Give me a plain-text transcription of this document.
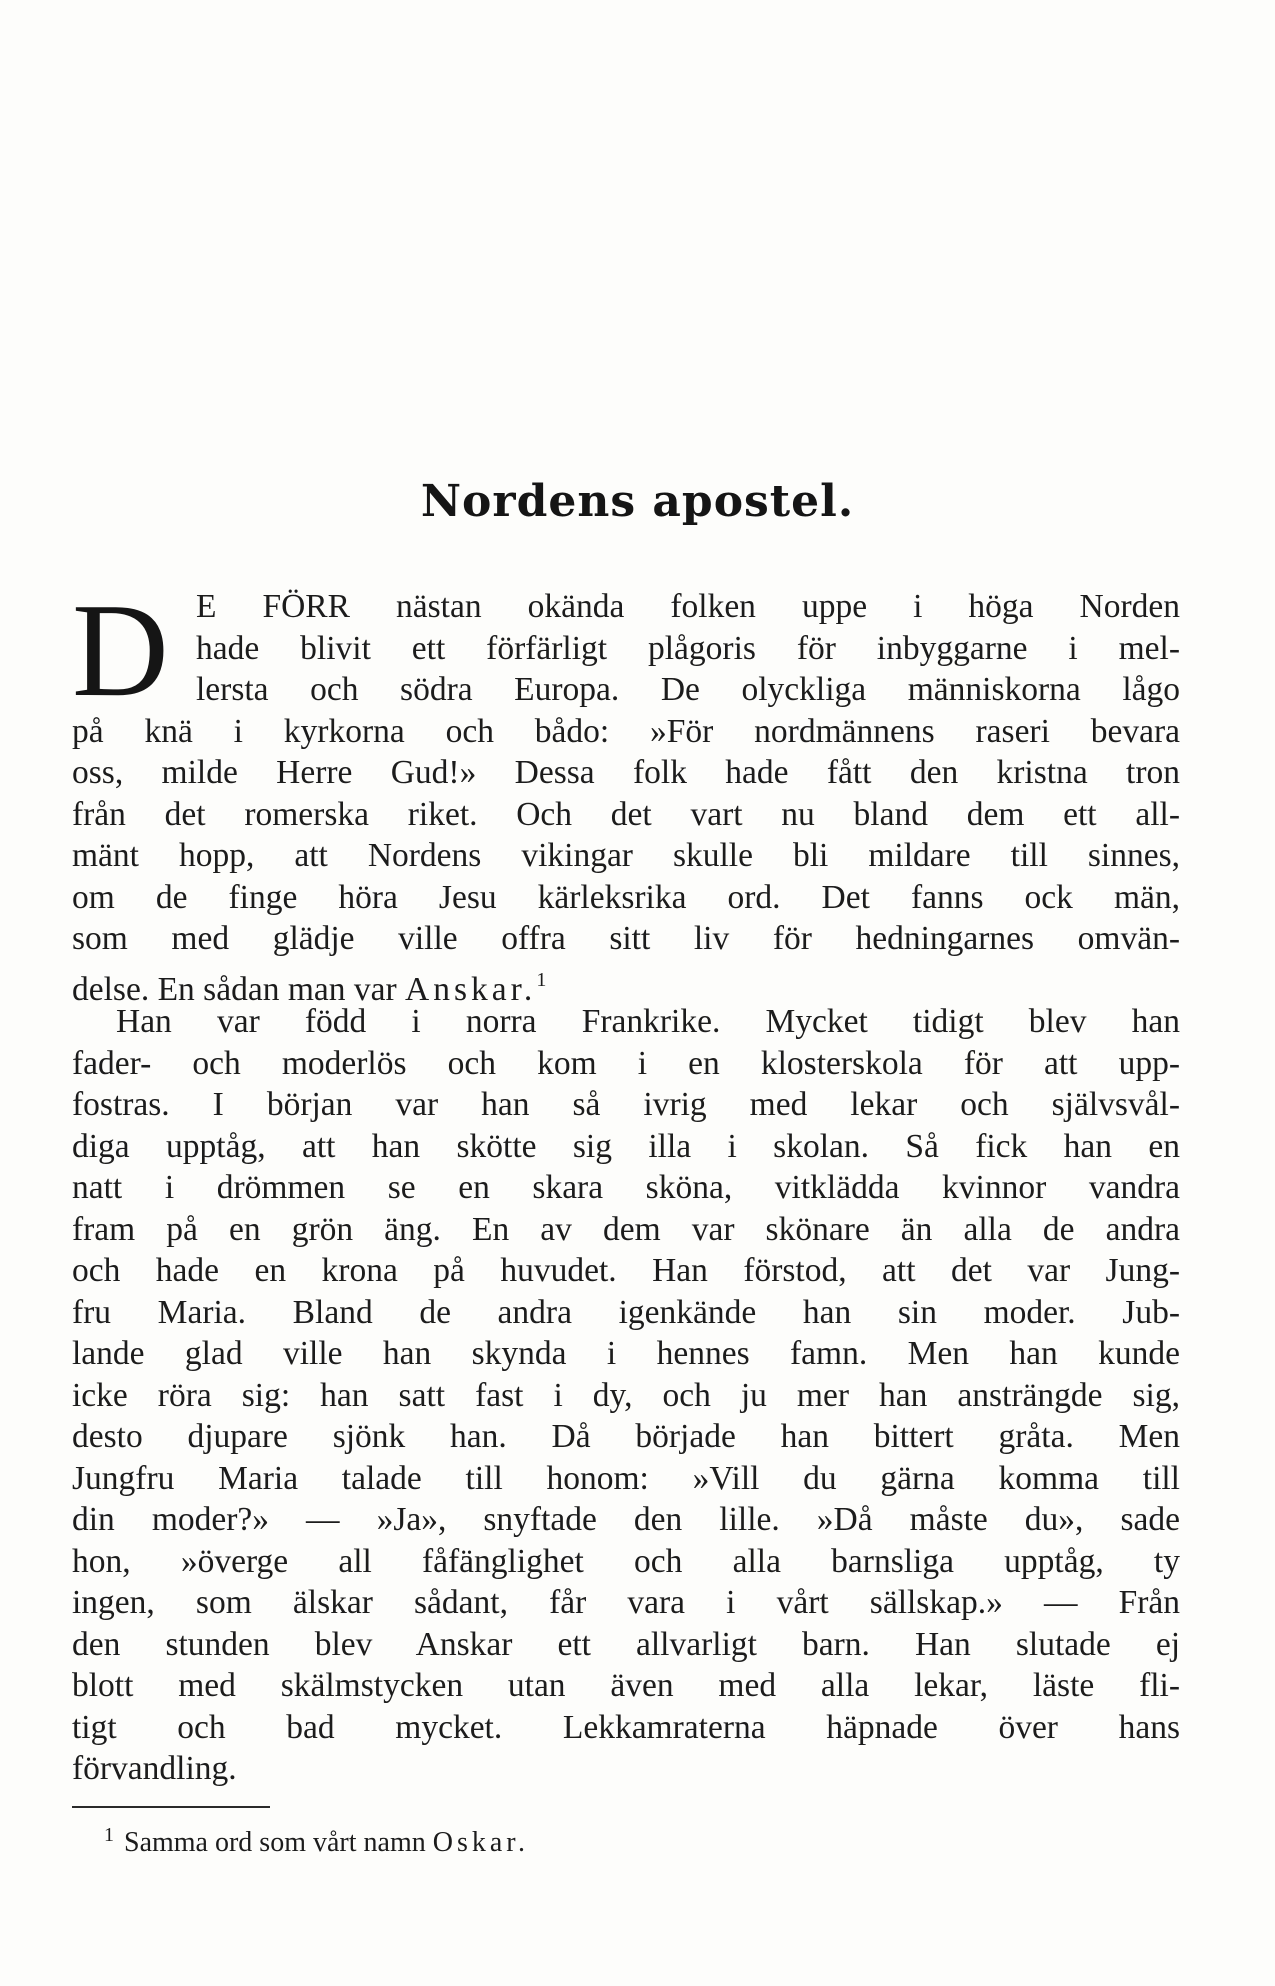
Nordens apostel.
D E FÖRR nästan okända folken uppe i höga Norden
hade blivit ett förfärligt plågoris för inbyggarne i mel-
lersta och södra Europa. De olyckliga människorna lågo
på knä i kyrkorna och bådo: »För nordmännens raseri bevara
oss, milde Herre Gud!» Dessa folk hade fått den kristna tron
från det romerska riket. Och det vart nu bland dem ett all-
mänt hopp, att Nordens vikingar skulle bli mildare till sinnes,
om de finge höra Jesu kärleksrika ord. Det fanns ock män,
som med glädje ville offra sitt liv för hedningarnes omvän-
delse. En sådan man var Anskar.$^1$
Han var född i norra Frankrike. Mycket tidigt blev han
fader- och moderlös och kom i en klosterskola för att upp-
fostras. I början var han så ivrig med lekar och självsvål-
diga upptåg, att han skötte sig illa i skolan. Så fick han en
natt i drömmen se en skara sköna, vitklädda kvinnor vandra
fram på en grön äng. En av dem var skönare än alla de andra
och hade en krona på huvudet. Han förstod, att det var Jung-
fru Maria. Bland de andra igenkände han sin moder. Jub-
lande glad ville han skynda i hennes famn. Men han kunde
icke röra sig: han satt fast i dy, och ju mer han ansträngde sig,
desto djupare sjönk han. Då började han bittert gråta. Men
Jungfru Maria talade till honom: »Vill du gärna komma till
din moder?» — »Ja», snyftade den lille. »Då måste du», sade
hon, »överge all fåfänglighet och alla barnsliga upptåg, ty
ingen, som älskar sådant, får vara i vårt sällskap.» — Från
den stunden blev Anskar ett allvarligt barn. Han slutade ej
blott med skälmstycken utan även med alla lekar, läste fli-
tigt och bad mycket. Lekkamraterna häpnade över hans
förvandling.
$^1$ Samma ord som vårt namn Oskar.
